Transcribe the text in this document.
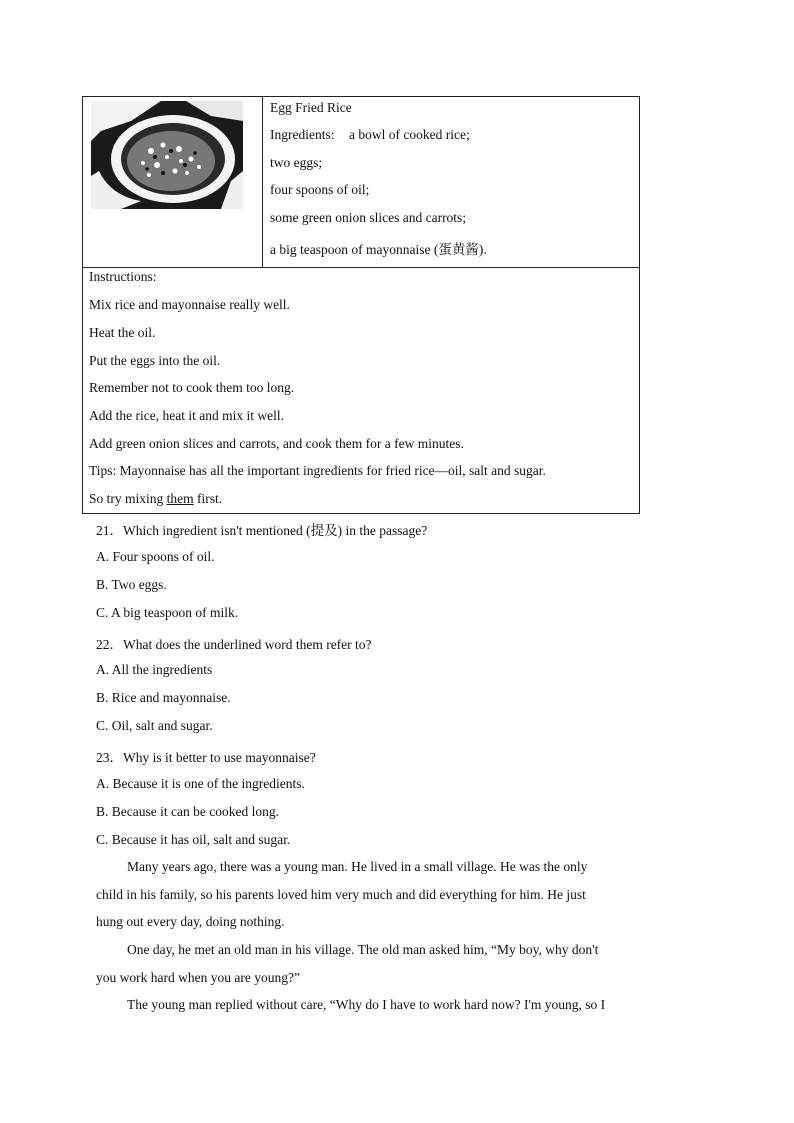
Egg Fried Rice
Ingredients: a bowl of cooked rice;
two eggs;
four spoons of oil;
some green onion slices and carrots;
a big teaspoon of mayonnaise (蛋黄酱).
Instructions:
Mix rice and mayonnaise really well.
Heat the oil.
Put the eggs into the oil.
Remember not to cook them too long.
Add the rice, heat it and mix it well.
Add green onion slices and carrots, and cook them for a few minutes.
Tips: Mayonnaise has all the important ingredients for fried rice—oil, salt and sugar.
So try mixing them first.
21．Which ingredient isn't mentioned (提及) in the passage?
A. Four spoons of oil.
B. Two eggs.
C. A big teaspoon of milk.
22．What does the underlined word them refer to?
A. All the ingredients
B. Rice and mayonnaise.
C. Oil, salt and sugar.
23．Why is it better to use mayonnaise?
A. Because it is one of the ingredients.
B. Because it can be cooked long.
C. Because it has oil, salt and sugar.
Many years ago, there was a young man. He lived in a small village. He was the only
child in his family, so his parents loved him very much and did everything for him. He just
hung out every day, doing nothing.
One day, he met an old man in his village. The old man asked him, “My boy, why don't
you work hard when you are young?”
The young man replied without care, “Why do I have to work hard now? I'm young, so I
